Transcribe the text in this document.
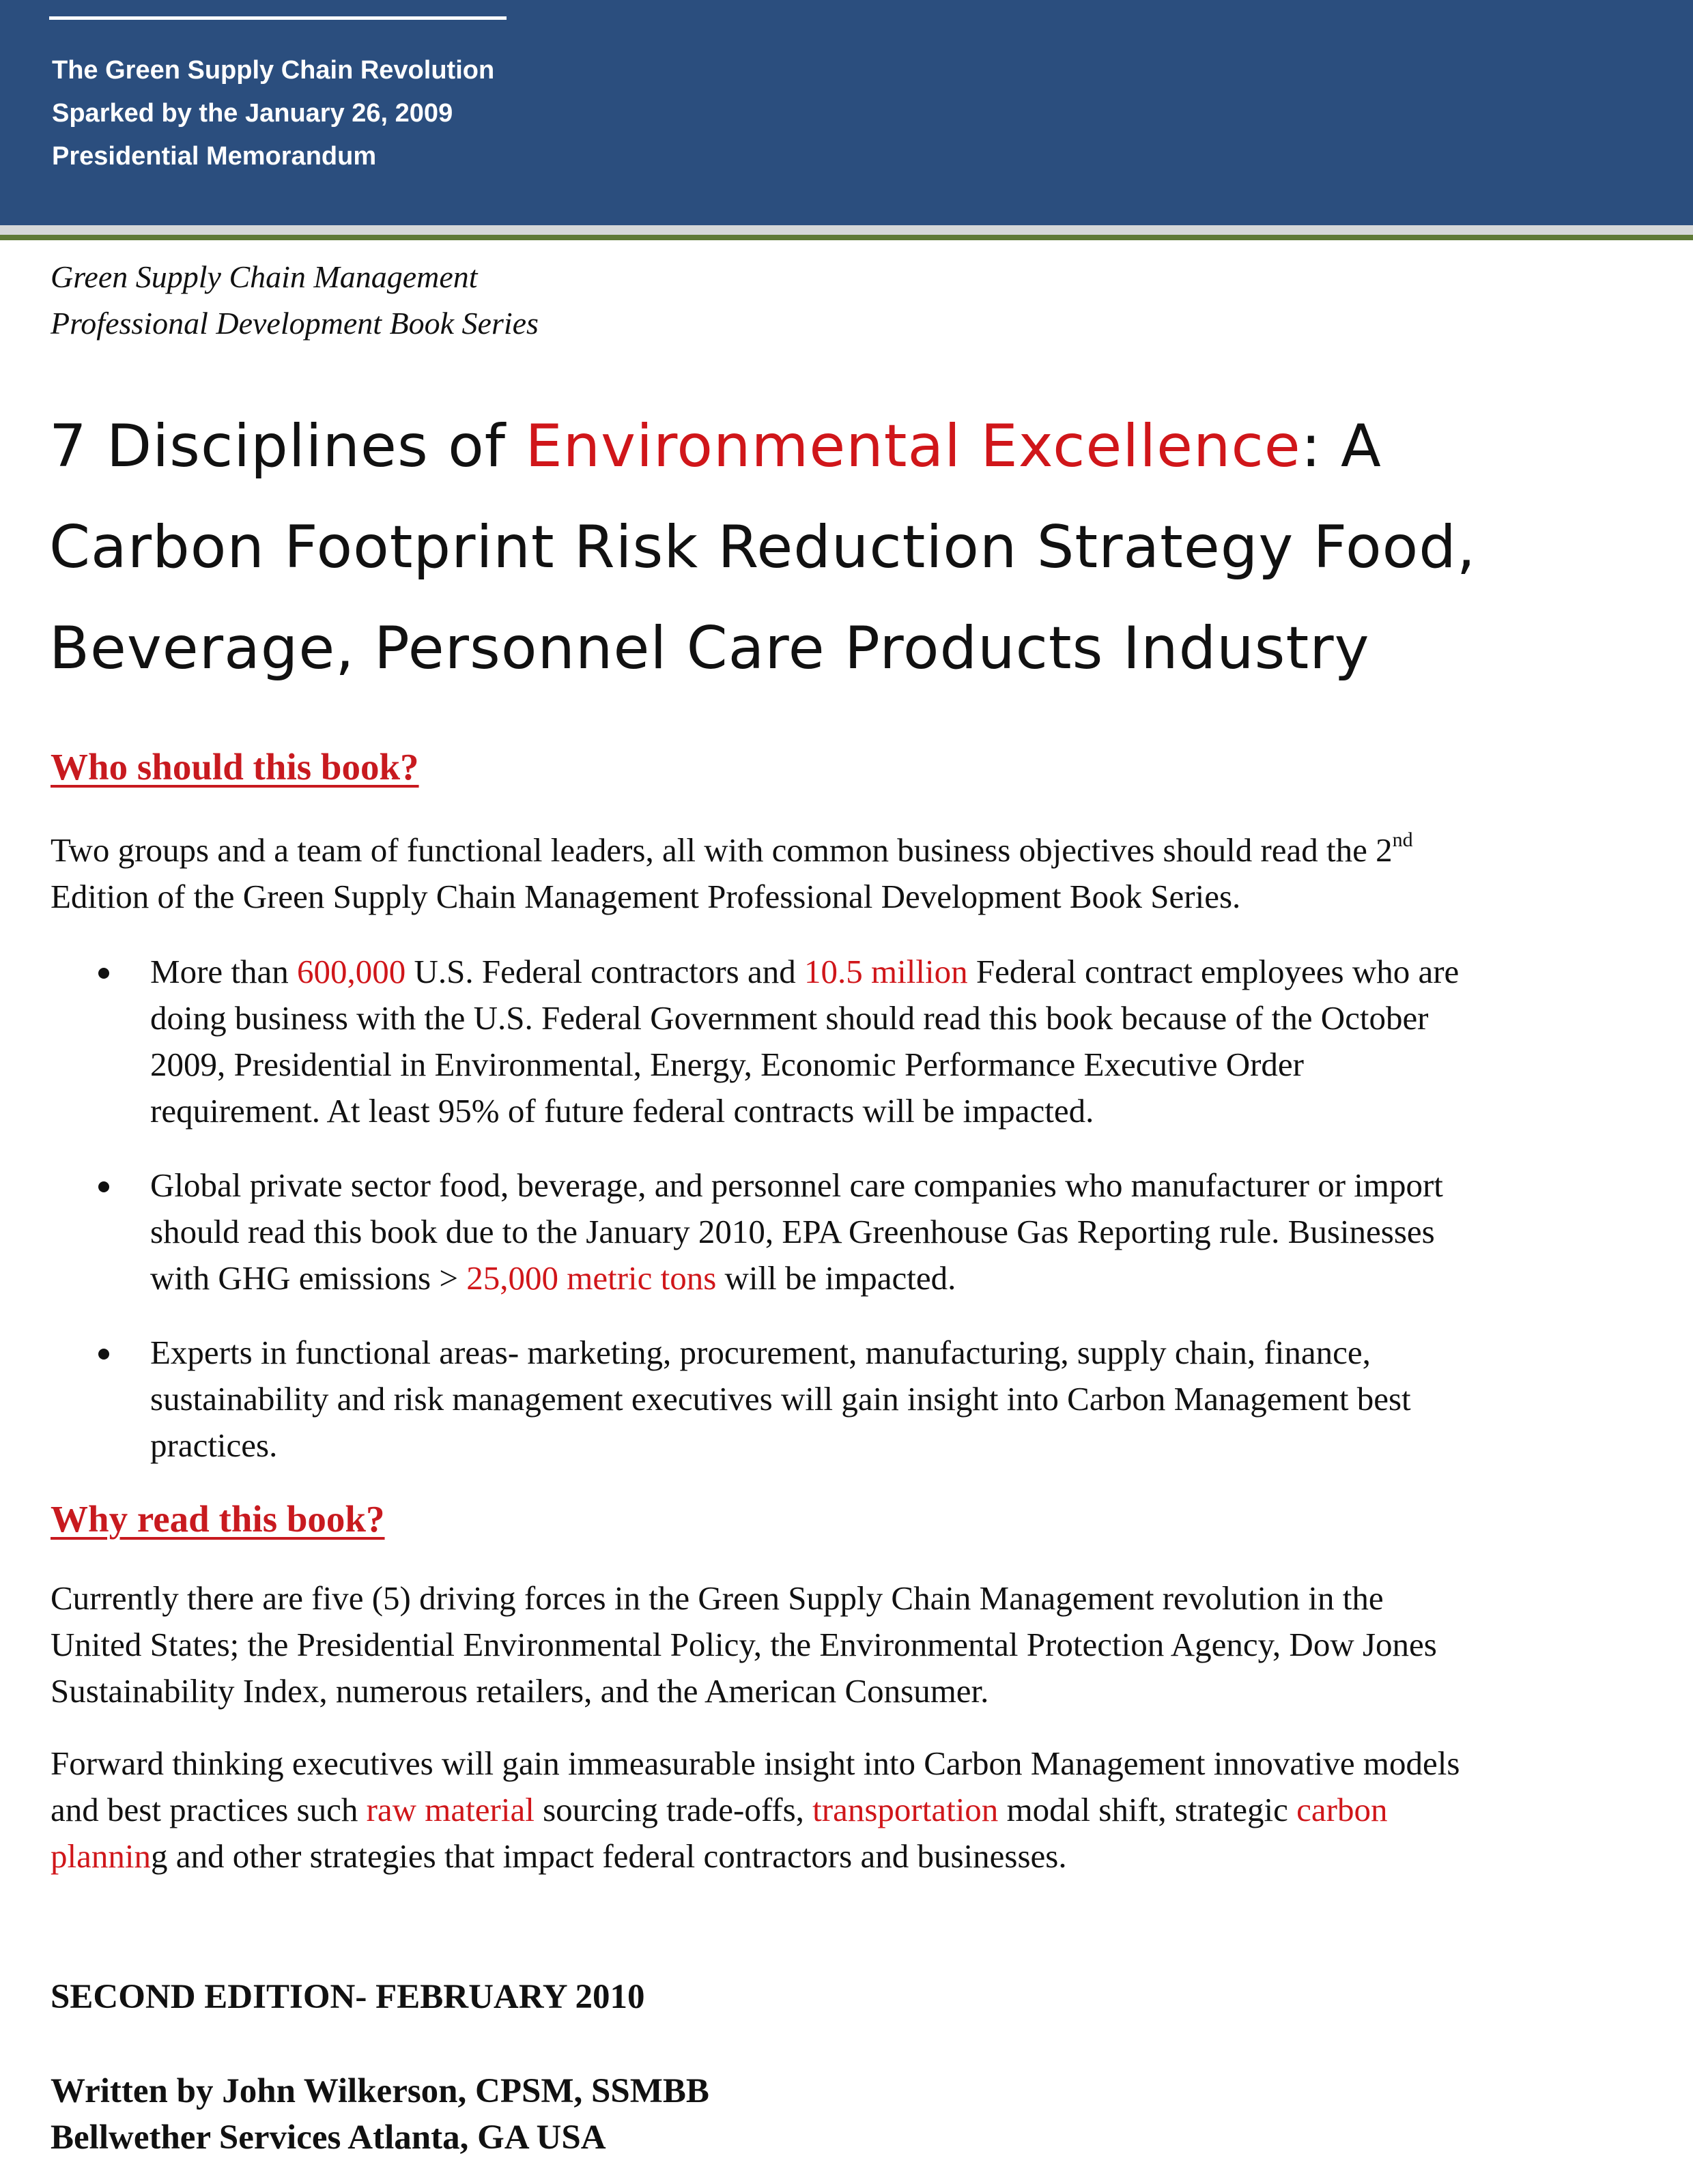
The Green Supply Chain Revolution
Sparked by the January 26, 2009
Presidential Memorandum
Green Supply Chain Management
Professional Development Book Series
7 Disciplines of Environmental Excellence: A
Carbon Footprint Risk Reduction Strategy Food,
Beverage, Personnel Care Products Industry
Who should this book?
Two groups and a team of functional leaders, all with common business objectives should read the 2nd
Edition of the Green Supply Chain Management Professional Development Book Series.
More than 600,000 U.S. Federal contractors and 10.5 million Federal contract employees who are
doing business with the U.S. Federal Government should read this book because of the October
2009, Presidential in Environmental, Energy, Economic Performance Executive Order
requirement. At least 95% of future federal contracts will be impacted.
Global private sector food, beverage, and personnel care companies who manufacturer or import
should read this book due to the January 2010, EPA Greenhouse Gas Reporting rule. Businesses
with GHG emissions > 25,000 metric tons will be impacted.
Experts in functional areas- marketing, procurement, manufacturing, supply chain, finance,
sustainability and risk management executives will gain insight into Carbon Management best
practices.
Why read this book?
Currently there are five (5) driving forces in the Green Supply Chain Management revolution in the
United States; the Presidential Environmental Policy, the Environmental Protection Agency, Dow Jones
Sustainability Index, numerous retailers, and the American Consumer.
Forward thinking executives will gain immeasurable insight into Carbon Management innovative models
and best practices such raw material sourcing trade-offs, transportation modal shift, strategic carbon
planning and other strategies that impact federal contractors and businesses.
SECOND EDITION- FEBRUARY 2010
Written by John Wilkerson, CPSM, SSMBB
Bellwether Services Atlanta, GA USA
